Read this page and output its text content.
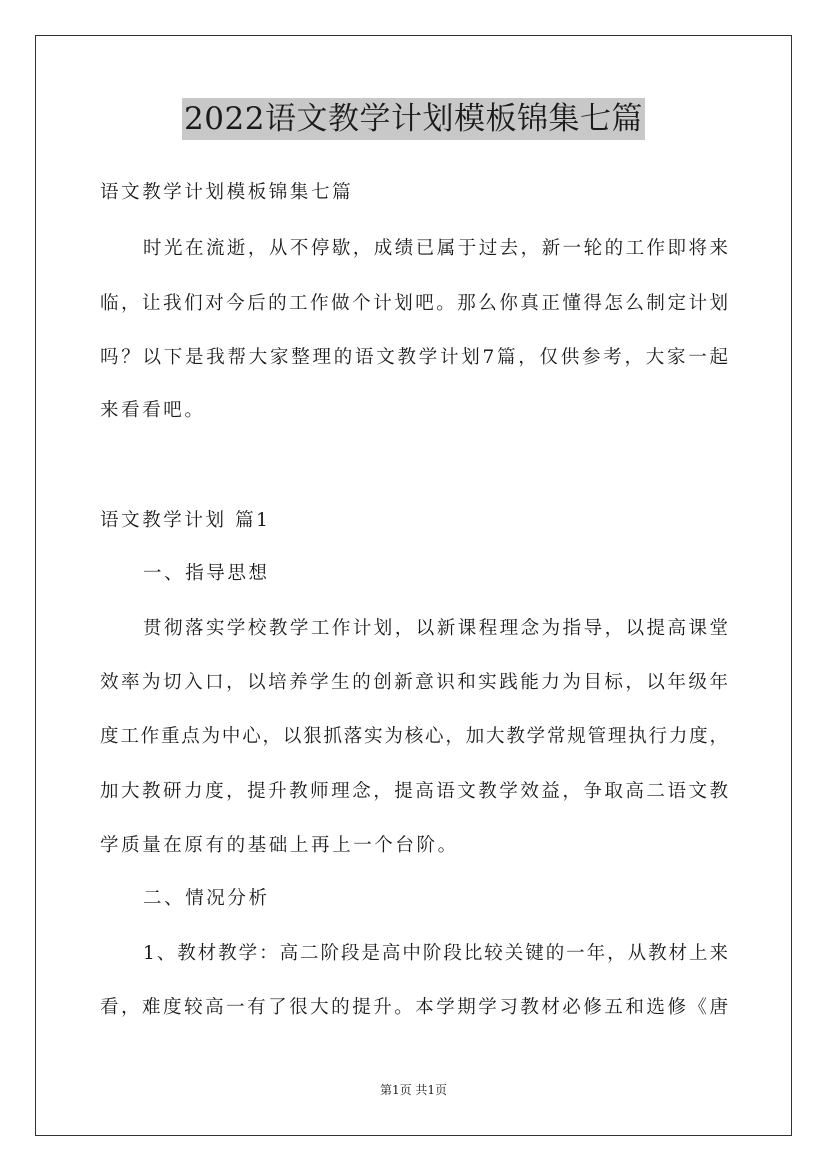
2022语文教学计划模板锦集七篇
语文教学计划模板锦集七篇
时光在流逝，从不停歇，成绩已属于过去，新一轮的工作即将来
临，让我们对今后的工作做个计划吧。那么你真正懂得怎么制定计划
吗？以下是我帮大家整理的语文教学计划7篇，仅供参考，大家一起
来看看吧。
语文教学计划 篇1
一、指导思想
贯彻落实学校教学工作计划，以新课程理念为指导，以提高课堂
效率为切入口，以培养学生的创新意识和实践能力为目标，以年级年
度工作重点为中心，以狠抓落实为核心，加大教学常规管理执行力度，
加大教研力度，提升教师理念，提高语文教学效益，争取高二语文教
学质量在原有的基础上再上一个台阶。
二、情况分析
1、教材教学：高二阶段是高中阶段比较关键的一年，从教材上来
看，难度较高一有了很大的提升。本学期学习教材必修五和选修《唐
第1页 共1页
